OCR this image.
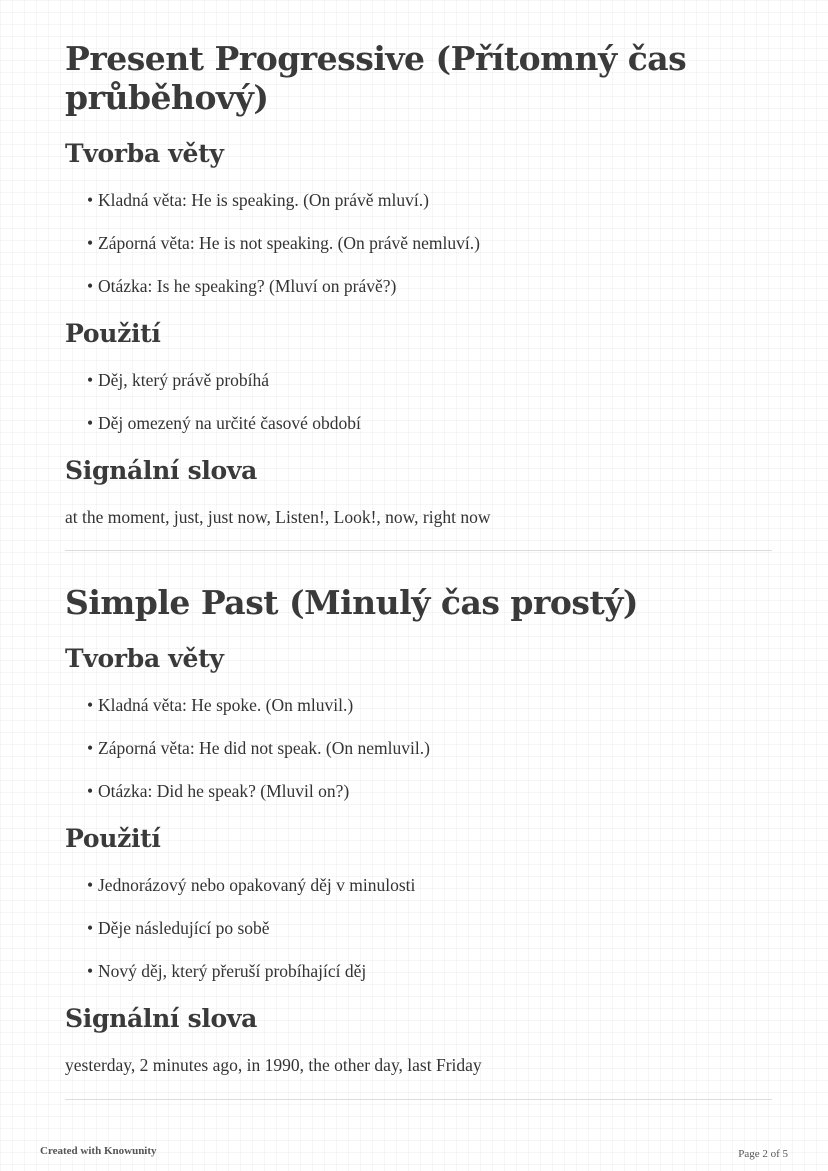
Present Progressive (Přítomný čas průběhový)
Tvorba věty
• Kladná věta: He is speaking. (On právě mluví.)
• Záporná věta: He is not speaking. (On právě nemluví.)
• Otázka: Is he speaking? (Mluví on právě?)
Použití
• Děj, který právě probíhá
• Děj omezený na určité časové období
Signální slova

at the moment, just, just now, Listen!, Look!, now, right now

Simple Past (Minulý čas prostý)
Tvorba věty
• Kladná věta: He spoke. (On mluvil.)
• Záporná věta: He did not speak. (On nemluvil.)
• Otázka: Did he speak? (Mluvil on?)
Použití
• Jednorázový nebo opakovaný děj v minulosti
• Děje následující po sobě
• Nový děj, který přeruší probíhající děj
Signální slova

yesterday, 2 minutes ago, in 1990, the other day, last Friday

Created with Knowunity	Page 2 of 5
